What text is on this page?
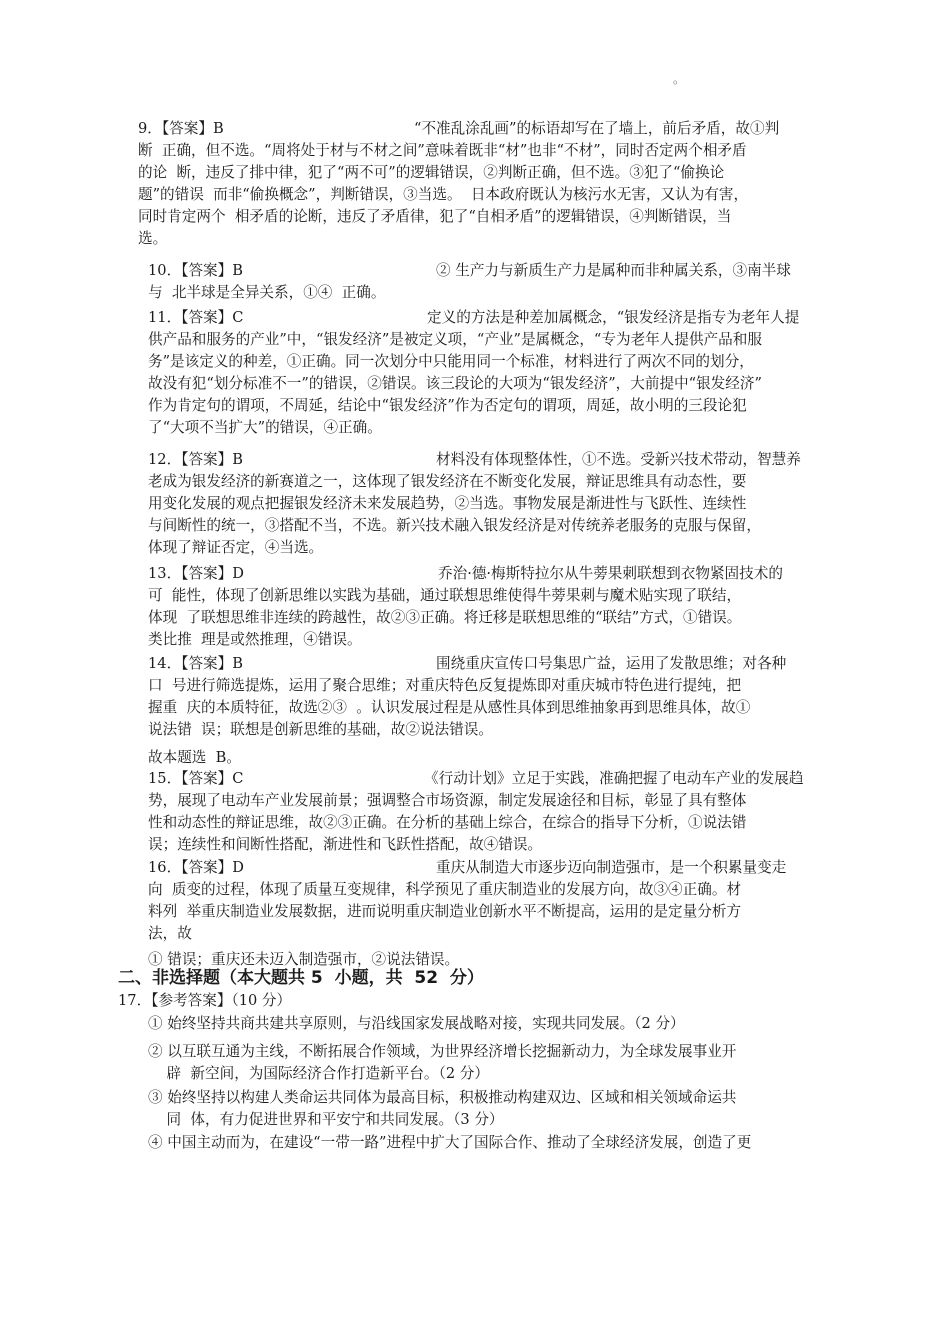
。
9．【答案】B	“不准乱涂乱画”的标语却写在了墙上，前后矛盾，故①判
断  正确，但不选。“周将处于材与不材之间”意味着既非“材”也非“不材”，同时否定两个相矛盾
的论  断，违反了排中律，犯了“两不可”的逻辑错误，②判断正确，但不选。③犯了“偷换论
题”的错误  而非“偷换概念”，判断错误，③当选。  日本政府既认为核污水无害，又认为有害，
同时肯定两个  相矛盾的论断，违反了矛盾律，犯了“自相矛盾”的逻辑错误，④判断错误，当
选。
10．【答案】B	② 生产力与新质生产力是属种而非种属关系，③南半球
与  北半球是全异关系，①④  正确。
11．【答案】C	定义的方法是种差加属概念，“银发经济是指专为老年人提
供产品和服务的产业”中，“银发经济”是被定义项，“产业”是属概念，“专为老年人提供产品和服
务”是该定义的种差，①正确。同一次划分中只能用同一个标准，材料进行了两次不同的划分，
故没有犯“划分标准不一”的错误，②错误。该三段论的大项为“银发经济”，大前提中“银发经济”
作为肯定句的谓项，不周延，结论中“银发经济”作为否定句的谓项，周延，故小明的三段论犯
了“大项不当扩大”的错误，④正确。
12．【答案】B	材料没有体现整体性，①不选。受新兴技术带动，智慧养
老成为银发经济的新赛道之一，这体现了银发经济在不断变化发展，辩证思维具有动态性，要
用变化发展的观点把握银发经济未来发展趋势，②当选。事物发展是渐进性与飞跃性、连续性
与间断性的统一，③搭配不当，不选。新兴技术融入银发经济是对传统养老服务的克服与保留，
体现了辩证否定，④当选。
13．【答案】D	乔治·德·梅斯特拉尔从牛蒡果刺联想到衣物紧固技术的
可  能性，体现了创新思维以实践为基础，通过联想思维使得牛蒡果刺与魔术贴实现了联结，
体现  了联想思维非连续的跨越性，故②③正确。将迁移是联想思维的“联结”方式，①错误。
类比推  理是或然推理，④错误。
14．【答案】B	围绕重庆宣传口号集思广益，运用了发散思维；对各种
口  号进行筛选提炼，运用了聚合思维；对重庆特色反复提炼即对重庆城市特色进行提纯，把
握重  庆的本质特征，故选②③  。认识发展过程是从感性具体到思维抽象再到思维具体，故①
说法错  误；联想是创新思维的基础，故②说法错误。
故本题选  B。
15．【答案】C	《行动计划》立足于实践，准确把握了电动车产业的发展趋
势，展现了电动车产业发展前景；强调整合市场资源，制定发展途径和目标，彰显了具有整体
性和动态性的辩证思维，故②③正确。在分析的基础上综合，在综合的指导下分析，①说法错
误；连续性和间断性搭配，渐进性和飞跃性搭配，故④错误。
16．【答案】D	重庆从制造大市逐步迈向制造强市，是一个积累量变走
向  质变的过程，体现了质量互变规律，科学预见了重庆制造业的发展方向，故③④正确。材
料列  举重庆制造业发展数据，进而说明重庆制造业创新水平不断提高，运用的是定量分析方
法，故
① 错误；重庆还未迈入制造强市，②说法错误。
二、非选择题（本大题共 5  小题，共  52  分）
17．【参考答案】（10 分）
① 始终坚持共商共建共享原则，与沿线国家发展战略对接，实现共同发展。（2 分）
② 以互联互通为主线，不断拓展合作领域，为世界经济增长挖掘新动力，为全球发展事业开
辟  新空间，为国际经济合作打造新平台。（2 分）
③ 始终坚持以构建人类命运共同体为最高目标，积极推动构建双边、区域和相关领域命运共
同  体，有力促进世界和平安宁和共同发展。（3 分）
④ 中国主动而为，在建设“一带一路”进程中扩大了国际合作、推动了全球经济发展，创造了更
